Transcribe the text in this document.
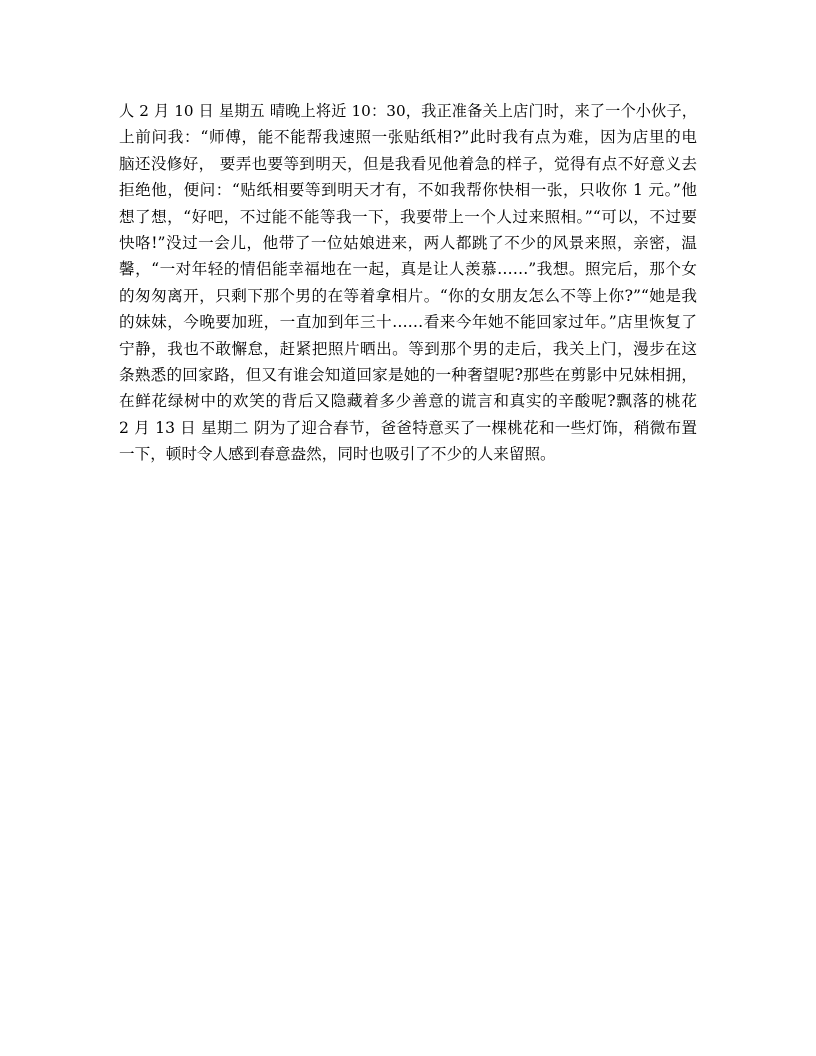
人 2 月 10 日 星期五 晴晚上将近 10：30，我正准备关上店门时，来了一个小伙子，
上前问我：“师傅，能不能帮我速照一张贴纸相?”此时我有点为难，因为店里的电
脑还没修好， 要弄也要等到明天，但是我看见他着急的样子，觉得有点不好意义去
拒绝他，便问：“贴纸相要等到明天才有，不如我帮你快相一张，只收你 1 元。”他
想了想，“好吧，不过能不能等我一下，我要带上一个人过来照相。”“可以，不过要
快咯!”没过一会儿，他带了一位姑娘进来，两人都跳了不少的风景来照，亲密，温
馨，“一对年轻的情侣能幸福地在一起，真是让人羡慕……”我想。照完后，那个女
的匆匆离开，只剩下那个男的在等着拿相片。“你的女朋友怎么不等上你?”“她是我
的妹妹，今晚要加班，一直加到年三十……看来今年她不能回家过年。”店里恢复了
宁静，我也不敢懈怠，赶紧把照片晒出。等到那个男的走后，我关上门，漫步在这
条熟悉的回家路，但又有谁会知道回家是她的一种奢望呢?那些在剪影中兄妹相拥，
在鲜花绿树中的欢笑的背后又隐藏着多少善意的谎言和真实的辛酸呢?飘落的桃花
2 月 13 日 星期二 阴为了迎合春节，爸爸特意买了一棵桃花和一些灯饰，稍微布置
一下，顿时令人感到春意盎然，同时也吸引了不少的人来留照。
